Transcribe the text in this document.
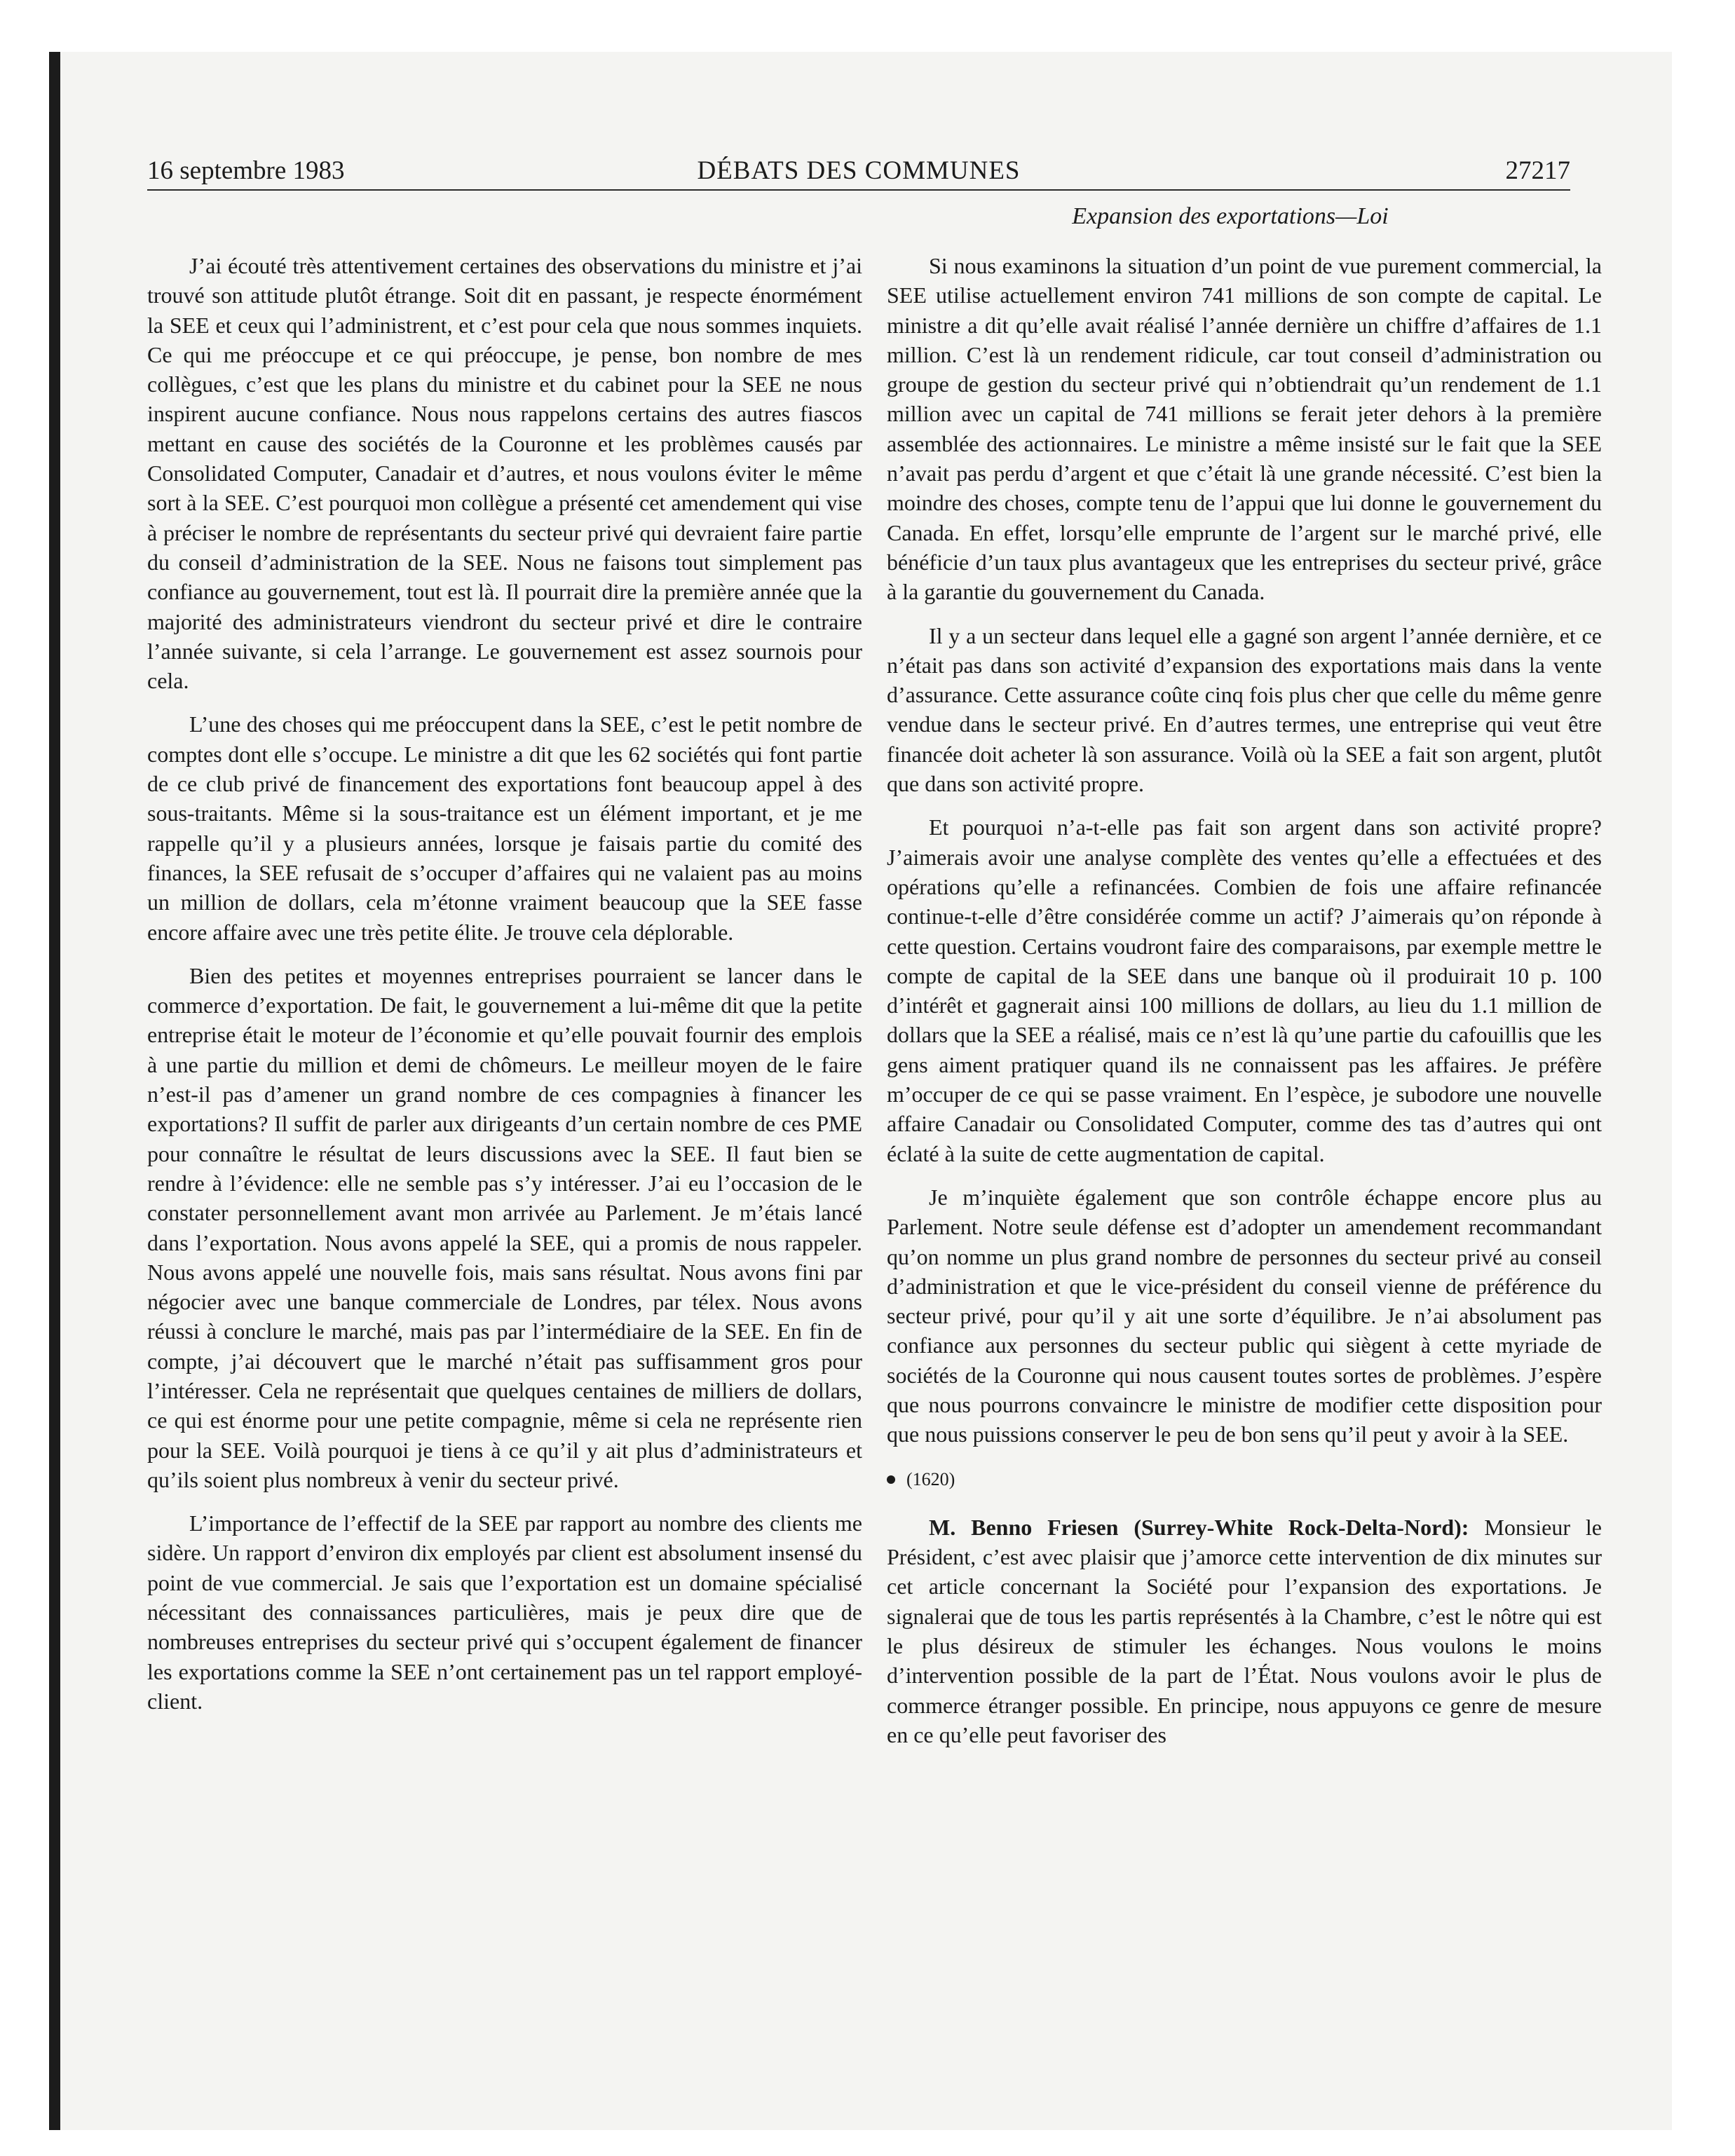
16 septembre 1983	DÉBATS DES COMMUNES	27217
Expansion des exportations—Loi

J’ai écouté très attentivement certaines des observations du ministre et j’ai trouvé son attitude plutôt étrange. Soit dit en passant, je respecte énormément la SEE et ceux qui l’administrent, et c’est pour cela que nous sommes inquiets. Ce qui me préoccupe et ce qui préoccupe, je pense, bon nombre de mes collègues, c’est que les plans du ministre et du cabinet pour la SEE ne nous inspirent aucune confiance. Nous nous rappelons certains des autres fiascos mettant en cause des sociétés de la Couronne et les problèmes causés par Consolidated Computer, Canadair et d’autres, et nous voulons éviter le même sort à la SEE. C’est pourquoi mon collègue a présenté cet amendement qui vise à préciser le nombre de représentants du secteur privé qui devraient faire partie du conseil d’administration de la SEE. Nous ne faisons tout simplement pas confiance au gouvernement, tout est là. Il pourrait dire la première année que la majorité des administrateurs viendront du secteur privé et dire le contraire l’année suivante, si cela l’arrange. Le gouvernement est assez sournois pour cela.

L’une des choses qui me préoccupent dans la SEE, c’est le petit nombre de comptes dont elle s’occupe. Le ministre a dit que les 62 sociétés qui font partie de ce club privé de financement des exportations font beaucoup appel à des sous-traitants. Même si la sous-traitance est un élément important, et je me rappelle qu’il y a plusieurs années, lorsque je faisais partie du comité des finances, la SEE refusait de s’occuper d’affaires qui ne valaient pas au moins un million de dollars, cela m’étonne vraiment beaucoup que la SEE fasse encore affaire avec une très petite élite. Je trouve cela déplorable.

Bien des petites et moyennes entreprises pourraient se lancer dans le commerce d’exportation. De fait, le gouvernement a lui-même dit que la petite entreprise était le moteur de l’économie et qu’elle pouvait fournir des emplois à une partie du million et demi de chômeurs. Le meilleur moyen de le faire n’est-il pas d’amener un grand nombre de ces compagnies à financer les exportations? Il suffit de parler aux dirigeants d’un certain nombre de ces PME pour connaître le résultat de leurs discussions avec la SEE. Il faut bien se rendre à l’évidence: elle ne semble pas s’y intéresser. J’ai eu l’occasion de le constater personnellement avant mon arrivée au Parlement. Je m’étais lancé dans l’exportation. Nous avons appelé la SEE, qui a promis de nous rappeler. Nous avons appelé une nouvelle fois, mais sans résultat. Nous avons fini par négocier avec une banque commerciale de Londres, par télex. Nous avons réussi à conclure le marché, mais pas par l’intermédiaire de la SEE. En fin de compte, j’ai découvert que le marché n’était pas suffisamment gros pour l’intéresser. Cela ne représentait que quelques centaines de milliers de dollars, ce qui est énorme pour une petite compagnie, même si cela ne représente rien pour la SEE. Voilà pourquoi je tiens à ce qu’il y ait plus d’administrateurs et qu’ils soient plus nombreux à venir du secteur privé.

L’importance de l’effectif de la SEE par rapport au nombre des clients me sidère. Un rapport d’environ dix employés par client est absolument insensé du point de vue commercial. Je sais que l’exportation est un domaine spécialisé nécessitant des connaissances particulières, mais je peux dire que de nombreuses entreprises du secteur privé qui s’occupent également de financer les exportations comme la SEE n’ont certainement pas un tel rapport employé-client.

Si nous examinons la situation d’un point de vue purement commercial, la SEE utilise actuellement environ 741 millions de son compte de capital. Le ministre a dit qu’elle avait réalisé l’année dernière un chiffre d’affaires de 1.1 million. C’est là un rendement ridicule, car tout conseil d’administration ou groupe de gestion du secteur privé qui n’obtiendrait qu’un rendement de 1.1 million avec un capital de 741 millions se ferait jeter dehors à la première assemblée des actionnaires. Le ministre a même insisté sur le fait que la SEE n’avait pas perdu d’argent et que c’était là une grande nécessité. C’est bien la moindre des choses, compte tenu de l’appui que lui donne le gouvernement du Canada. En effet, lorsqu’elle emprunte de l’argent sur le marché privé, elle bénéficie d’un taux plus avantageux que les entreprises du secteur privé, grâce à la garantie du gouvernement du Canada.

Il y a un secteur dans lequel elle a gagné son argent l’année dernière, et ce n’était pas dans son activité d’expansion des exportations mais dans la vente d’assurance. Cette assurance coûte cinq fois plus cher que celle du même genre vendue dans le secteur privé. En d’autres termes, une entreprise qui veut être financée doit acheter là son assurance. Voilà où la SEE a fait son argent, plutôt que dans son activité propre.

Et pourquoi n’a-t-elle pas fait son argent dans son activité propre? J’aimerais avoir une analyse complète des ventes qu’elle a effectuées et des opérations qu’elle a refinancées. Combien de fois une affaire refinancée continue-t-elle d’être considérée comme un actif? J’aimerais qu’on réponde à cette question. Certains voudront faire des comparaisons, par exemple mettre le compte de capital de la SEE dans une banque où il produirait 10 p. 100 d’intérêt et gagnerait ainsi 100 millions de dollars, au lieu du 1.1 million de dollars que la SEE a réalisé, mais ce n’est là qu’une partie du cafouillis que les gens aiment pratiquer quand ils ne connaissent pas les affaires. Je préfère m’occuper de ce qui se passe vraiment. En l’espèce, je subodore une nouvelle affaire Canadair ou Consolidated Computer, comme des tas d’autres qui ont éclaté à la suite de cette augmentation de capital.

Je m’inquiète également que son contrôle échappe encore plus au Parlement. Notre seule défense est d’adopter un amendement recommandant qu’on nomme un plus grand nombre de personnes du secteur privé au conseil d’administration et que le vice-président du conseil vienne de préférence du secteur privé, pour qu’il y ait une sorte d’équilibre. Je n’ai absolument pas confiance aux personnes du secteur public qui siègent à cette myriade de sociétés de la Couronne qui nous causent toutes sortes de problèmes. J’espère que nous pourrons convaincre le ministre de modifier cette disposition pour que nous puissions conserver le peu de bon sens qu’il peut y avoir à la SEE.

(1620)

M. Benno Friesen (Surrey-White Rock-Delta-Nord): Monsieur le Président, c’est avec plaisir que j’amorce cette intervention de dix minutes sur cet article concernant la Société pour l’expansion des exportations. Je signalerai que de tous les partis représentés à la Chambre, c’est le nôtre qui est le plus désireux de stimuler les échanges. Nous voulons le moins d’intervention possible de la part de l’État. Nous voulons avoir le plus de commerce étranger possible. En principe, nous appuyons ce genre de mesure en ce qu’elle peut favoriser des
